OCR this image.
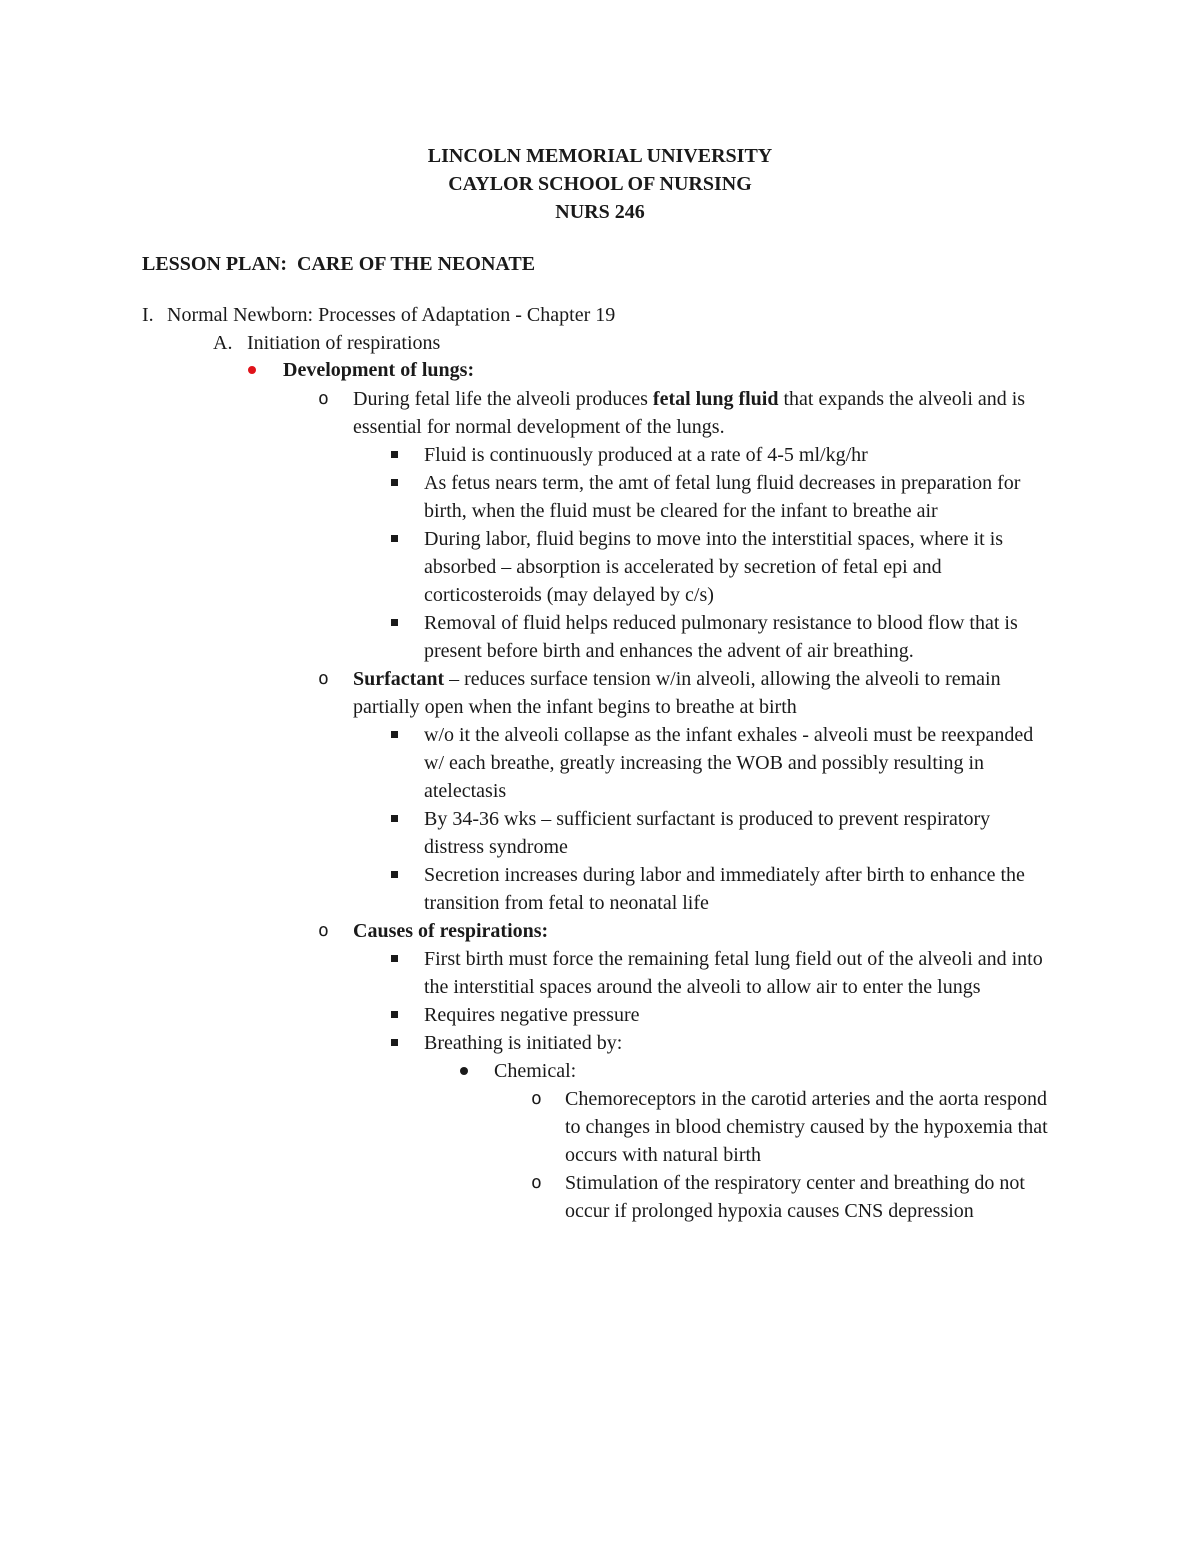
LINCOLN MEMORIAL UNIVERSITY
CAYLOR SCHOOL OF NURSING
NURS 246
LESSON PLAN:  CARE OF THE NEONATE
I. Normal Newborn: Processes of Adaptation - Chapter 19
A. Initiation of respirations
Development of lungs:
o	During fetal life the alveoli produces fetal lung fluid that expands the alveoli and is essential for normal development of the lungs.
Fluid is continuously produced at a rate of 4-5 ml/kg/hr
As fetus nears term, the amt of fetal lung fluid decreases in preparation for birth, when the fluid must be cleared for the infant to breathe air
During labor, fluid begins to move into the interstitial spaces, where it is absorbed – absorption is accelerated by secretion of fetal epi and corticosteroids (may delayed by c/s)
Removal of fluid helps reduced pulmonary resistance to blood flow that is present before birth and enhances the advent of air breathing.
o	Surfactant – reduces surface tension w/in alveoli, allowing the alveoli to remain partially open when the infant begins to breathe at birth
w/o it the alveoli collapse as the infant exhales - alveoli must be reexpanded w/ each breathe, greatly increasing the WOB and possibly resulting in atelectasis
By 34-36 wks – sufficient surfactant is produced to prevent respiratory distress syndrome
Secretion increases during labor and immediately after birth to enhance the transition from fetal to neonatal life
o	Causes of respirations:
First birth must force the remaining fetal lung field out of the alveoli and into the interstitial spaces around the alveoli to allow air to enter the lungs
Requires negative pressure
Breathing is initiated by:
Chemical:
o	Chemoreceptors in the carotid arteries and the aorta respond to changes in blood chemistry caused by the hypoxemia that occurs with natural birth
o	Stimulation of the respiratory center and breathing do not occur if prolonged hypoxia causes CNS depression
